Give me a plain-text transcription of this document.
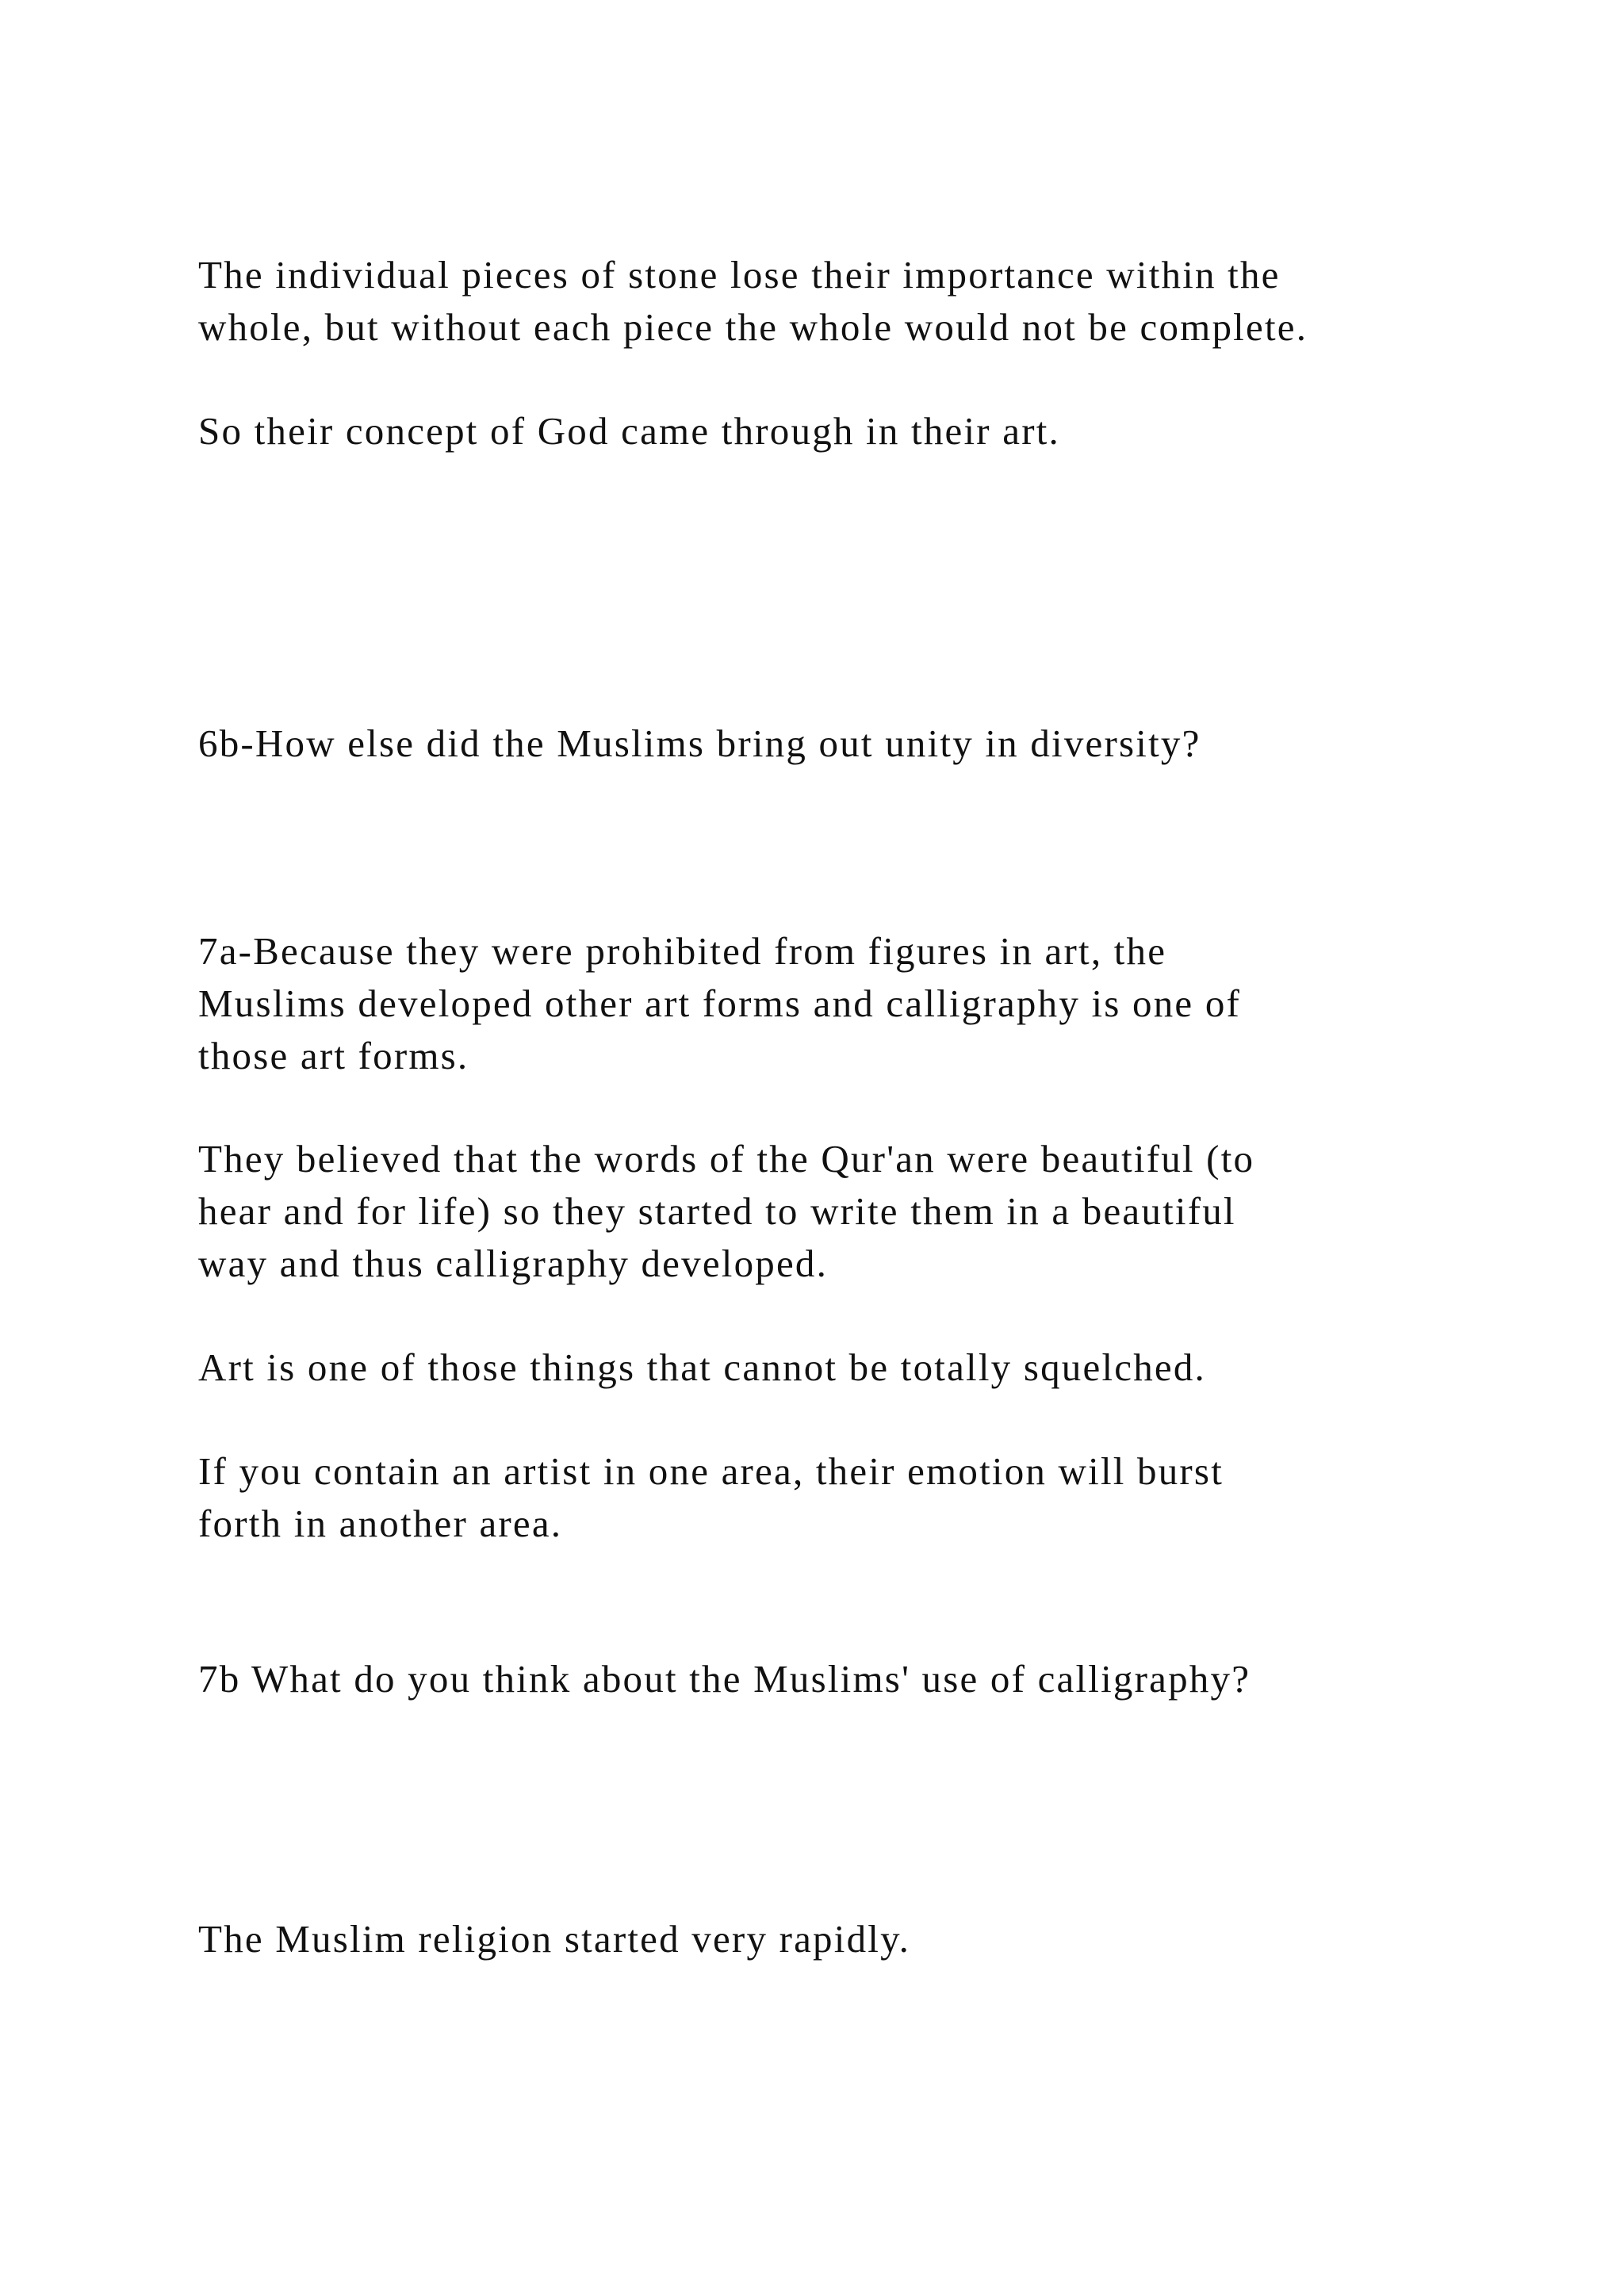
The individual pieces of stone lose their importance within the
whole, but without each piece the whole would not be complete.

So their concept of God came through in their art.

6b-How else did the Muslims bring out unity in diversity?

7a-Because they were prohibited from figures in art, the
Muslims developed other art forms and calligraphy is one of
those art forms.

They believed that the words of the Qur'an were beautiful (to
hear and for life) so they started to write them in a beautiful
way and thus calligraphy developed.

Art is one of those things that cannot be totally squelched.

If you contain an artist in one area, their emotion will burst
forth in another area.

7b What do you think about the Muslims' use of calligraphy?

The Muslim religion started very rapidly.
